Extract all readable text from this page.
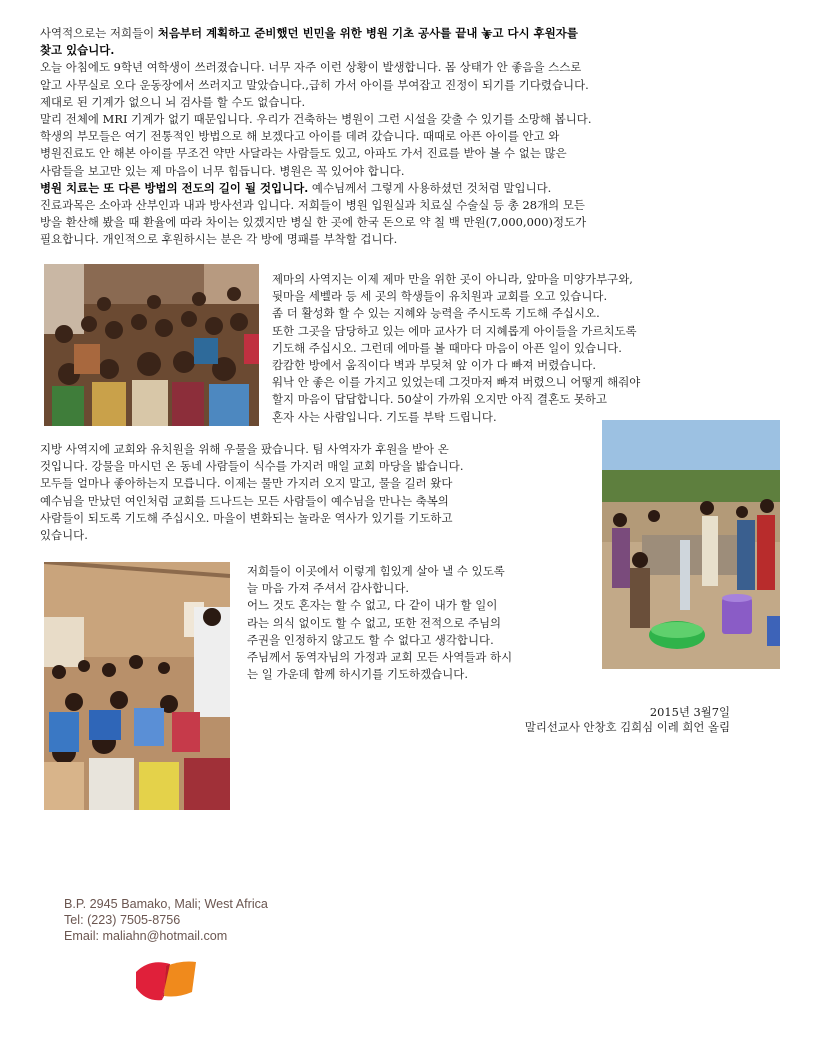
사역적으로는 저희들이 처음부터 계획하고 준비했던 빈민을 위한 병원 기초 공사를 끝내 놓고 다시 후원자를

찾고 있습니다.

오늘 아침에도 9학년 여학생이 쓰러졌습니다. 너무 자주 이런 상황이 발생합니다. 몸 상태가 안 좋음을 스스로

알고 사무실로 오다 운동장에서 쓰러지고 말았습니다.,급히 가서 아이를 부여잡고 진정이 되기를 기다렸습니다.

제대로 된 기계가 없으니 뇌 검사를 할 수도 없습니다.

말리 전체에 MRI 기계가 없기 때문입니다. 우리가 건축하는 병원이 그런 시설을 갖출 수 있기를 소망해 봅니다.

학생의 부모들은 여기 전통적인 방법으로 해 보겠다고 아이를 데려 갔습니다. 때때로 아픈 아이를 안고 와

병원진료도 안 해본 아이를 무조건 약만 사달라는 사람들도 있고, 아파도 가서 진료를 받아 볼 수 없는 많은

사람들을 보고만 있는 제 마음이 너무 힘듭니다. 병원은 꼭 있어야 합니다.

병원 치료는 또 다른 방법의 전도의 길이 될 것입니다. 예수님께서 그렇게 사용하셨던 것처럼 말입니다.

진료과목은 소아과 산부인과 내과 방사선과 입니다. 저희들이 병원 입원실과 치료실 수술실 등 총 28개의 모든

방을 환산해 봤을 때 환율에 따라 차이는 있겠지만 병실 한 곳에 한국 돈으로 약 칠 백 만원(7,000,000)정도가

필요합니다. 개인적으로 후원하시는 분은 각 방에 명패를 부착할 겁니다.

제마의 사역지는 이제 제마 만을 위한 곳이 아니라, 앞마을 미양가부구와,

뒷마을 세벨라 등 세 곳의 학생들이 유치원과 교회를 오고 있습니다.

좀 더 활성화 할 수 있는 지혜와 능력을 주시도록 기도해 주십시오.

또한 그곳을 담당하고 있는 에마 교사가 더 지혜롭게 아이들을 가르치도록

기도해 주십시오. 그런데 에마를 볼 때마다 마음이 아픈 일이 있습니다.

캄캄한 방에서 움직이다 벽과 부딪쳐 앞 이가 다 빠져 버렸습니다.

워낙 안 좋은 이를 가지고 있었는데 그것마저 빠져 버렸으니 어떻게 해줘야

할지 마음이 답답합니다. 50살이 가까워 오지만 아직 결혼도 못하고

혼자 사는 사람입니다. 기도를 부탁 드립니다.

지방 사역지에 교회와 유치원을 위해 우물을 팠습니다. 팀 사역자가 후원을 받아 온

것입니다. 강물을 마시던 온 동네 사람들이 식수를 가지러 매일 교회 마당을 밟습니다.

모두들 얼마나 좋아하는지 모릅니다. 이제는 물만 가지러 오지 말고, 물을 길러 왔다

예수님을 만났던 여인처럼 교회를 드나드는 모든 사람들이 예수님을 만나는 축복의

사람들이 되도록 기도해 주십시오. 마을이 변화되는 놀라운 역사가 있기를 기도하고

있습니다.

저희들이 이곳에서 이렇게 힘있게 살아 낼 수 있도록

늘 마음 가져 주셔서 감사합니다.

어느 것도 혼자는 할 수 없고, 다 같이 내가 할 일이

라는 의식 없이도 할 수 없고, 또한 전적으로 주님의

주권을 인정하지 않고도 할 수 없다고 생각합니다.

주님께서 동역자님의 가정과 교회 모든 사역들과 하시

는 일 가운데 함께 하시기를 기도하겠습니다.

2015년 3월7일
말리선교사 안창호 김희심 이레 희언 올림
B.P. 2945 Bamako, Mali; West Africa
Tel: (223) 7505-8756
Email: maliahn@hotmail.com
